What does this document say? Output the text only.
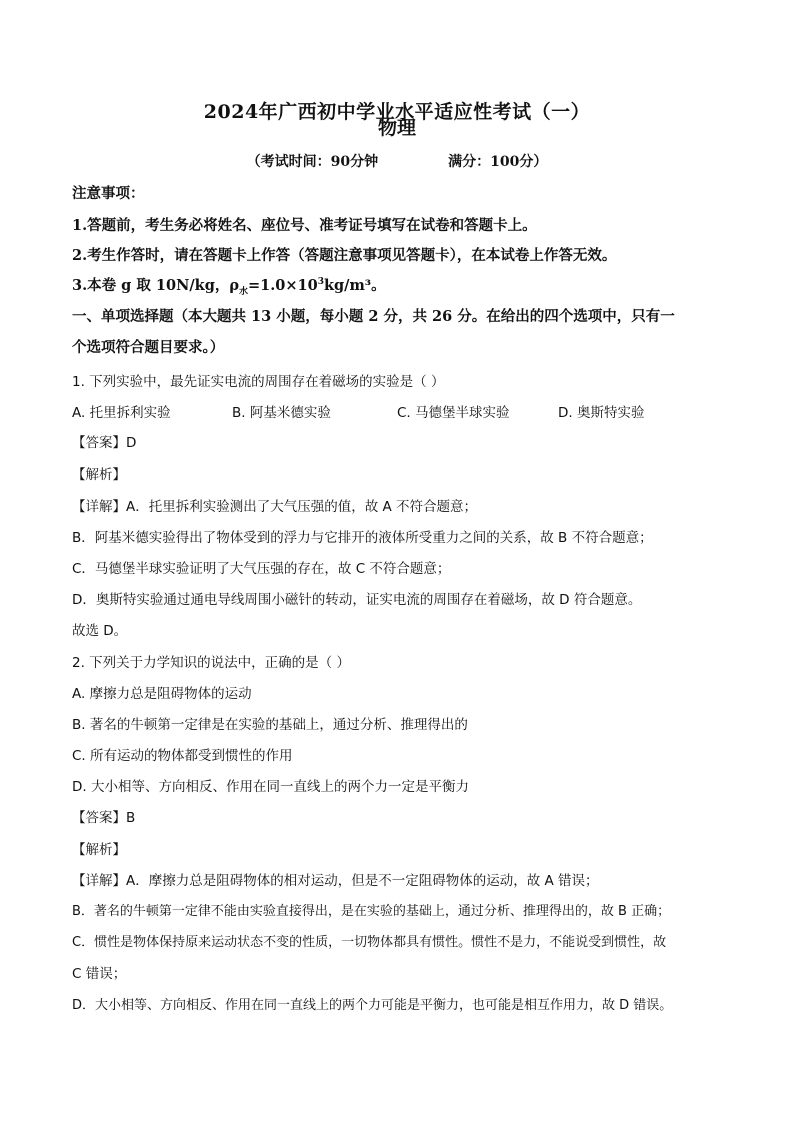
2024年广西初中学业水平适应性考试（一）
物理
（考试时间：90分钟	满分：100分）
注意事项：
1.答题前，考生务必将姓名、座位号、准考证号填写在试卷和答题卡上。
2.考生作答时，请在答题卡上作答（答题注意事项见答题卡），在本试卷上作答无效。
3.本卷 g 取 10N/kg，$\rho_水=1.0\times 10^3kg/m^3$。
一、单项选择题（本大题共 13 小题，每小题 2 分，共 26 分。在给出的四个选项中，只有一
个选项符合题目要求。）
1. 下列实验中，最先证实电流的周围存在着磁场的实验是（ ）
A. 托里拆利实验	B. 阿基米德实验	C. 马德堡半球实验	D. 奥斯特实验
【答案】D
【解析】
【详解】A．托里拆利实验测出了大气压强的值，故 A 不符合题意；
B．阿基米德实验得出了物体受到的浮力与它排开的液体所受重力之间的关系，故 B 不符合题意；
C．马德堡半球实验证明了大气压强的存在，故 C 不符合题意；
D．奥斯特实验通过通电导线周围小磁针的转动，证实电流的周围存在着磁场，故 D 符合题意。
故选 D。
2. 下列关于力学知识的说法中，正确的是（ ）
A. 摩擦力总是阻碍物体的运动
B. 著名的牛顿第一定律是在实验的基础上，通过分析、推理得出的
C. 所有运动的物体都受到惯性的作用
D. 大小相等、方向相反、作用在同一直线上的两个力一定是平衡力
【答案】B
【解析】
【详解】A．摩擦力总是阻碍物体的相对运动，但是不一定阻碍物体的运动，故 A 错误；
B．著名的牛顿第一定律不能由实验直接得出，是在实验的基础上，通过分析、推理得出的，故 B 正确；
C．惯性是物体保持原来运动状态不变的性质，一切物体都具有惯性。惯性不是力，不能说受到惯性，故
C 错误；
D．大小相等、方向相反、作用在同一直线上的两个力可能是平衡力，也可能是相互作用力，故 D 错误。
